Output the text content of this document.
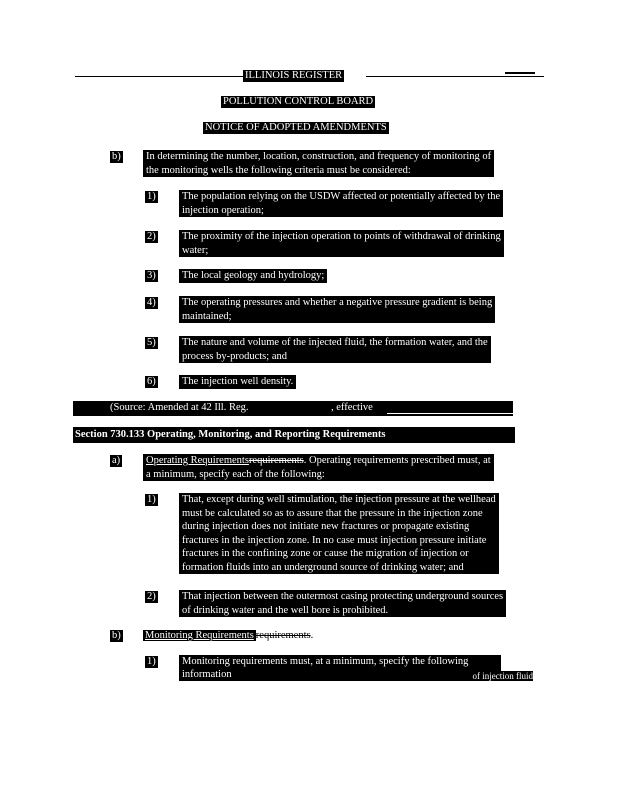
ILLINOIS REGISTER
POLLUTION CONTROL BOARD
NOTICE OF ADOPTED AMENDMENTS
b) In determining the number, location, construction, and frequency of monitoring of
the monitoring wells the following criteria must be considered:
1)	The population relying on the USDW affected or potentially affected by the
injection operation;
2)	The proximity of the injection operation to points of withdrawal of drinking
water;
3)	The local geology and hydrology;
4)	The operating pressures and whether a negative pressure gradient is being
maintained;
5)	The nature and volume of the injected fluid, the formation water, and the
process by-products; and
6)	The injection well density.
(Source: Amended at 42 Ill. Reg.	, effective	)
Section 730.133 Operating, Monitoring, and Reporting Requirements
a) Operating Requirementsrequirements. Operating requirements prescribed must, at
a minimum, specify each of the following:
1)	That, except during well stimulation, the injection pressure at the wellhead
must be calculated so as to assure that the pressure in the injection zone
during injection does not initiate new fractures or propagate existing
fractures in the injection zone. In no case must injection pressure initiate
fractures in the confining zone or cause the migration of injection or
formation fluids into an underground source of drinking water; and
2)	That injection between the outermost casing protecting underground sources
of drinking water and the well bore is prohibited.
b) Monitoring Requirements requirements.
1)	Monitoring requirements must, at a minimum, specify the following
information	of injection fluid
